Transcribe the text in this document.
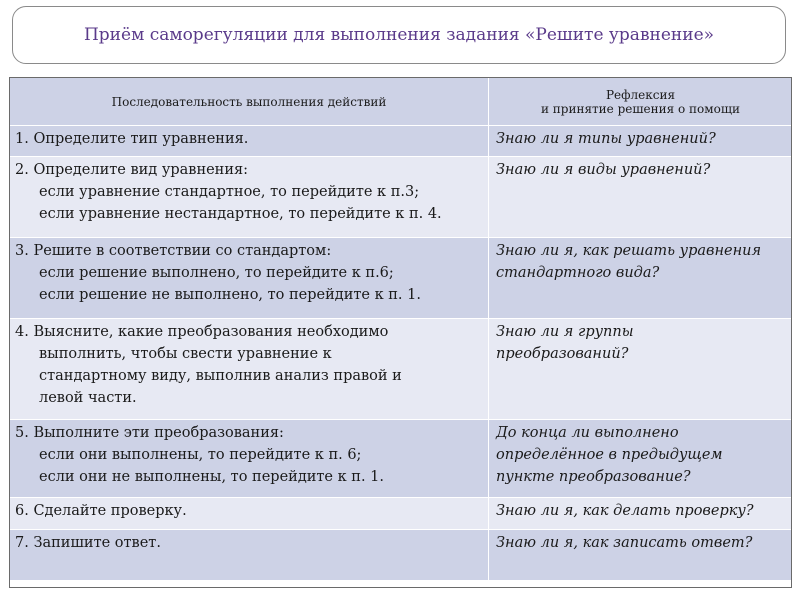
Приём саморегуляции для выполнения задания «Решите уравнение»
Последовательность выполнения действий	Рефлексия
и принятие решения о помощи

1. Определите тип уравнения.	Знаю ли я типы уравнений?

2. Определите вид уравнения:
если уравнение стандартное, то перейдите к п.3;
если уравнение нестандартное, то перейдите к п. 4.	Знаю ли я виды уравнений?

3. Решите в соответствии со стандартом:
если решение выполнено, то перейдите к п.6;
если решение не выполнено, то перейдите к п. 1.	Знаю ли я, как решать уравнения
стандартного вида?

4. Выясните, какие преобразования необходимо
выполнить, чтобы свести уравнение к
стандартному виду, выполнив анализ правой и
левой части.	Знаю ли я группы
преобразований?

5. Выполните эти преобразования:
если они выполнены, то перейдите к п. 6;
если они не выполнены, то перейдите к п. 1.	До конца ли выполнено
определённое в предыдущем
пункте преобразование?

6. Сделайте проверку.	Знаю ли я, как делать проверку?

7. Запишите ответ.	Знаю ли я, как записать ответ?
